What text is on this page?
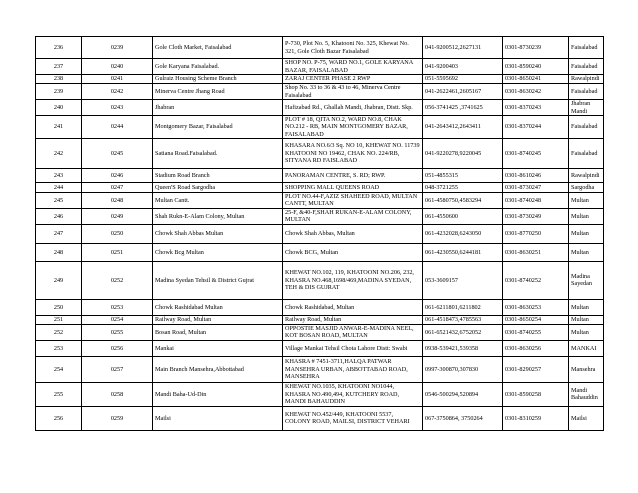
236	0239	Gole Cloth Market, Faisalabad	P-730, Plot No. 5, Khatooni No. 325, Khewat No. 321, Gole Cloth Bazar Faisalabad	041-9200512,2627131	0301-8730239	Faisalabad
237	0240	Gole Karyana Faisalabad.	SHOP NO. P-75, WARD NO.1, GOLE KARYANA BAZAR, FAISALABAD	041-9200403	0301-8590240	Faisalabad
238	0241	Gulraiz Housing Scheme Branch	ZARAJ CENTER PHASE 2 RWP	051-5595692	0301-8650241	Rawalpindi
239	0242	Minerva Centre Jhang Road	Shop No. 33 to 36 & 43 to 46, Minerva Centre Faisalabad	041-2622461,2605167	0301-8630242	Faisalabad
240	0243	Jhabran	Hafizabad Rd., Ghallah Mandi, Jhabran, Distt. Skp.	056-3741425 ,3741625	0301-8370243	Jhabran Mandi
241	0244	Montgomery Bazar, Faisalabad	PLOT # 18, QITA NO.2, WARD NO.8, CHAK NO.212 - RB, MAIN MONTGOMERY BAZAR, FAISALABAD	041-2643412,2643411	0301-8370244	Faisalabad
242	0245	Satiana Road.Faisalabad.	KHASARA NO.6/3 Sq. NO 10, KHEWAT NO. 11739 KHATOONI NO 19462, CHAK NO. 224/RB, SITYANA RD FAISLABAD	041-9220278,9220045	0301-8740245	Faisalabad
243	0246	Stadium Road Branch	PANORAMAN CENTRE, S. RD; RWP.	051-4855315	0301-8610246	Rawalpindi
244	0247	Queen'S Road Sargodha	SHOPPING MALL QUEENS ROAD	048-3721255	0301-8730247	Sargodha
245	0248	Multan Cantt.	PLOT NO.44-F,AZIZ SHAHEED ROAD, MULTAN CANTT, MULTAN	061-4580750,4583294	0301-8740248	Multan
246	0249	Shah Rukn-E-Alam Colony, Multan	25-F, &40-F,SHAH RUKAN-E-ALAM COLONY, MULTAN	061-4550600	0301-8730249	Multan
247	0250	Chowk Shah Abbas Multan	Chowk Shah Abbas, Multan	061-4232028,6243050	0301-8770250	Multan
248	0251	Chowk Bcg Multan	Chowk BCG, Multan	061-4230550,6244181	0301-8630251	Multan
249	0252	Madina Syedan Tehsil & District Gujrat	KHEWAT NO.102, 119, KHATOONI NO.206, 232, KHASRA NO.468,1698/469,MADINA SYEDAN, TEH & DIS GUJRAT	053-3609157	0301-8740252	Madina Sayedan
250	0253	Chowk Rashidabad Multan	Chowk Rashidabad, Multan	061-6211801,6211802	0301-8630253	Multan
251	0254	Railway Road, Multan	Railway Road, Multan	061-4518473,4785563	0301-8650254	Multan
252	0255	Bosan Road, Multan	OPPOSTIE MASJID ANWAR-E-MADINA NEEL, KOT BOSAN ROAD, MULTAN	061-6521432,6752052	0301-8740255	Multan
253	0256	Mankai	Village Mankai Tehsil Chota Lahore Distt: Swabi	0938-539421,539358	0301-8630256	MANKAI
254	0257	Main Branch Mansehra,Abbottabad	KHASRA # 7451-3711,HALQA PATWAR MANSEHRA URBAN, ABBOTTABAD ROAD, MANSEHRA	0997-300870,307830	0301-8290257	Mansehra
255	0258	Mandi Baha-Ud-Din	KHEWAT NO.1035, KHATOONI NO1044, KHASRA NO.490,494, KUTCHERY ROAD, MANDI BAHAUDDIN	0546-500294,520894	0301-8590258	Mandi Bahauddin
256	0259	Mailsi	KHEWAT NO.452/449, KHATOONI 5537, COLONY ROAD, MAILSI, DISTRICT VEHARI	067-3750864, 3750264	0301-8310259	Mailsi
